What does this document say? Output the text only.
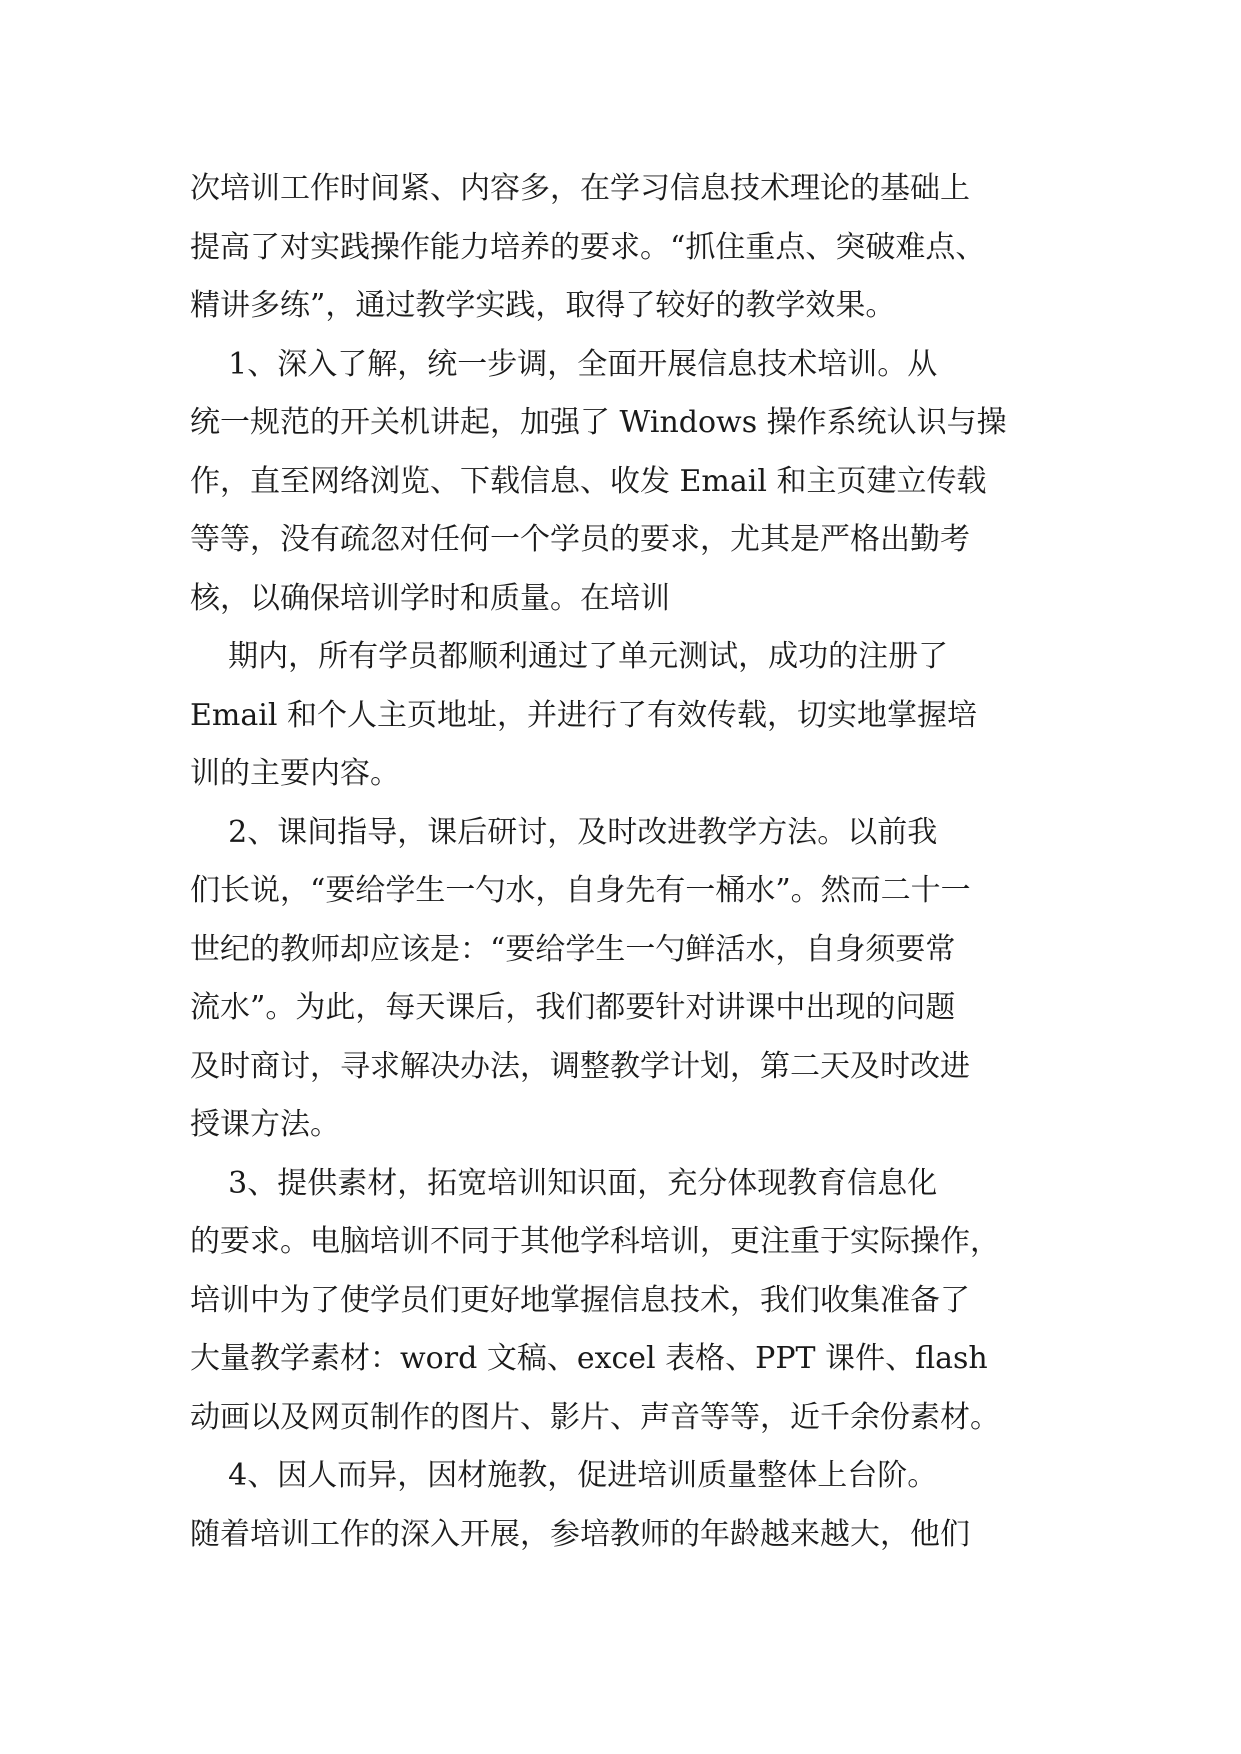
次培训工作时间紧、内容多，在学习信息技术理论的基础上
提高了对实践操作能力培养的要求。“抓住重点、突破难点、
精讲多练”，通过教学实践，取得了较好的教学效果。
1、深入了解，统一步调，全面开展信息技术培训。从
统一规范的开关机讲起，加强了 Windows 操作系统认识与操
作，直至网络浏览、下载信息、收发 Email 和主页建立传载
等等，没有疏忽对任何一个学员的要求，尤其是严格出勤考
核，以确保培训学时和质量。在培训
期内，所有学员都顺利通过了单元测试，成功的注册了
Email 和个人主页地址，并进行了有效传载，切实地掌握培
训的主要内容。
2、课间指导，课后研讨，及时改进教学方法。以前我
们长说，“要给学生一勺水，自身先有一桶水”。然而二十一
世纪的教师却应该是：“要给学生一勺鲜活水，自身须要常
流水”。为此，每天课后，我们都要针对讲课中出现的问题
及时商讨，寻求解决办法，调整教学计划，第二天及时改进
授课方法。
3、提供素材，拓宽培训知识面，充分体现教育信息化
的要求。电脑培训不同于其他学科培训，更注重于实际操作，
培训中为了使学员们更好地掌握信息技术，我们收集准备了
大量教学素材：word 文稿、excel 表格、PPT 课件、flash
动画以及网页制作的图片、影片、声音等等，近千余份素材。
4、因人而异，因材施教，促进培训质量整体上台阶。
随着培训工作的深入开展，参培教师的年龄越来越大，他们
